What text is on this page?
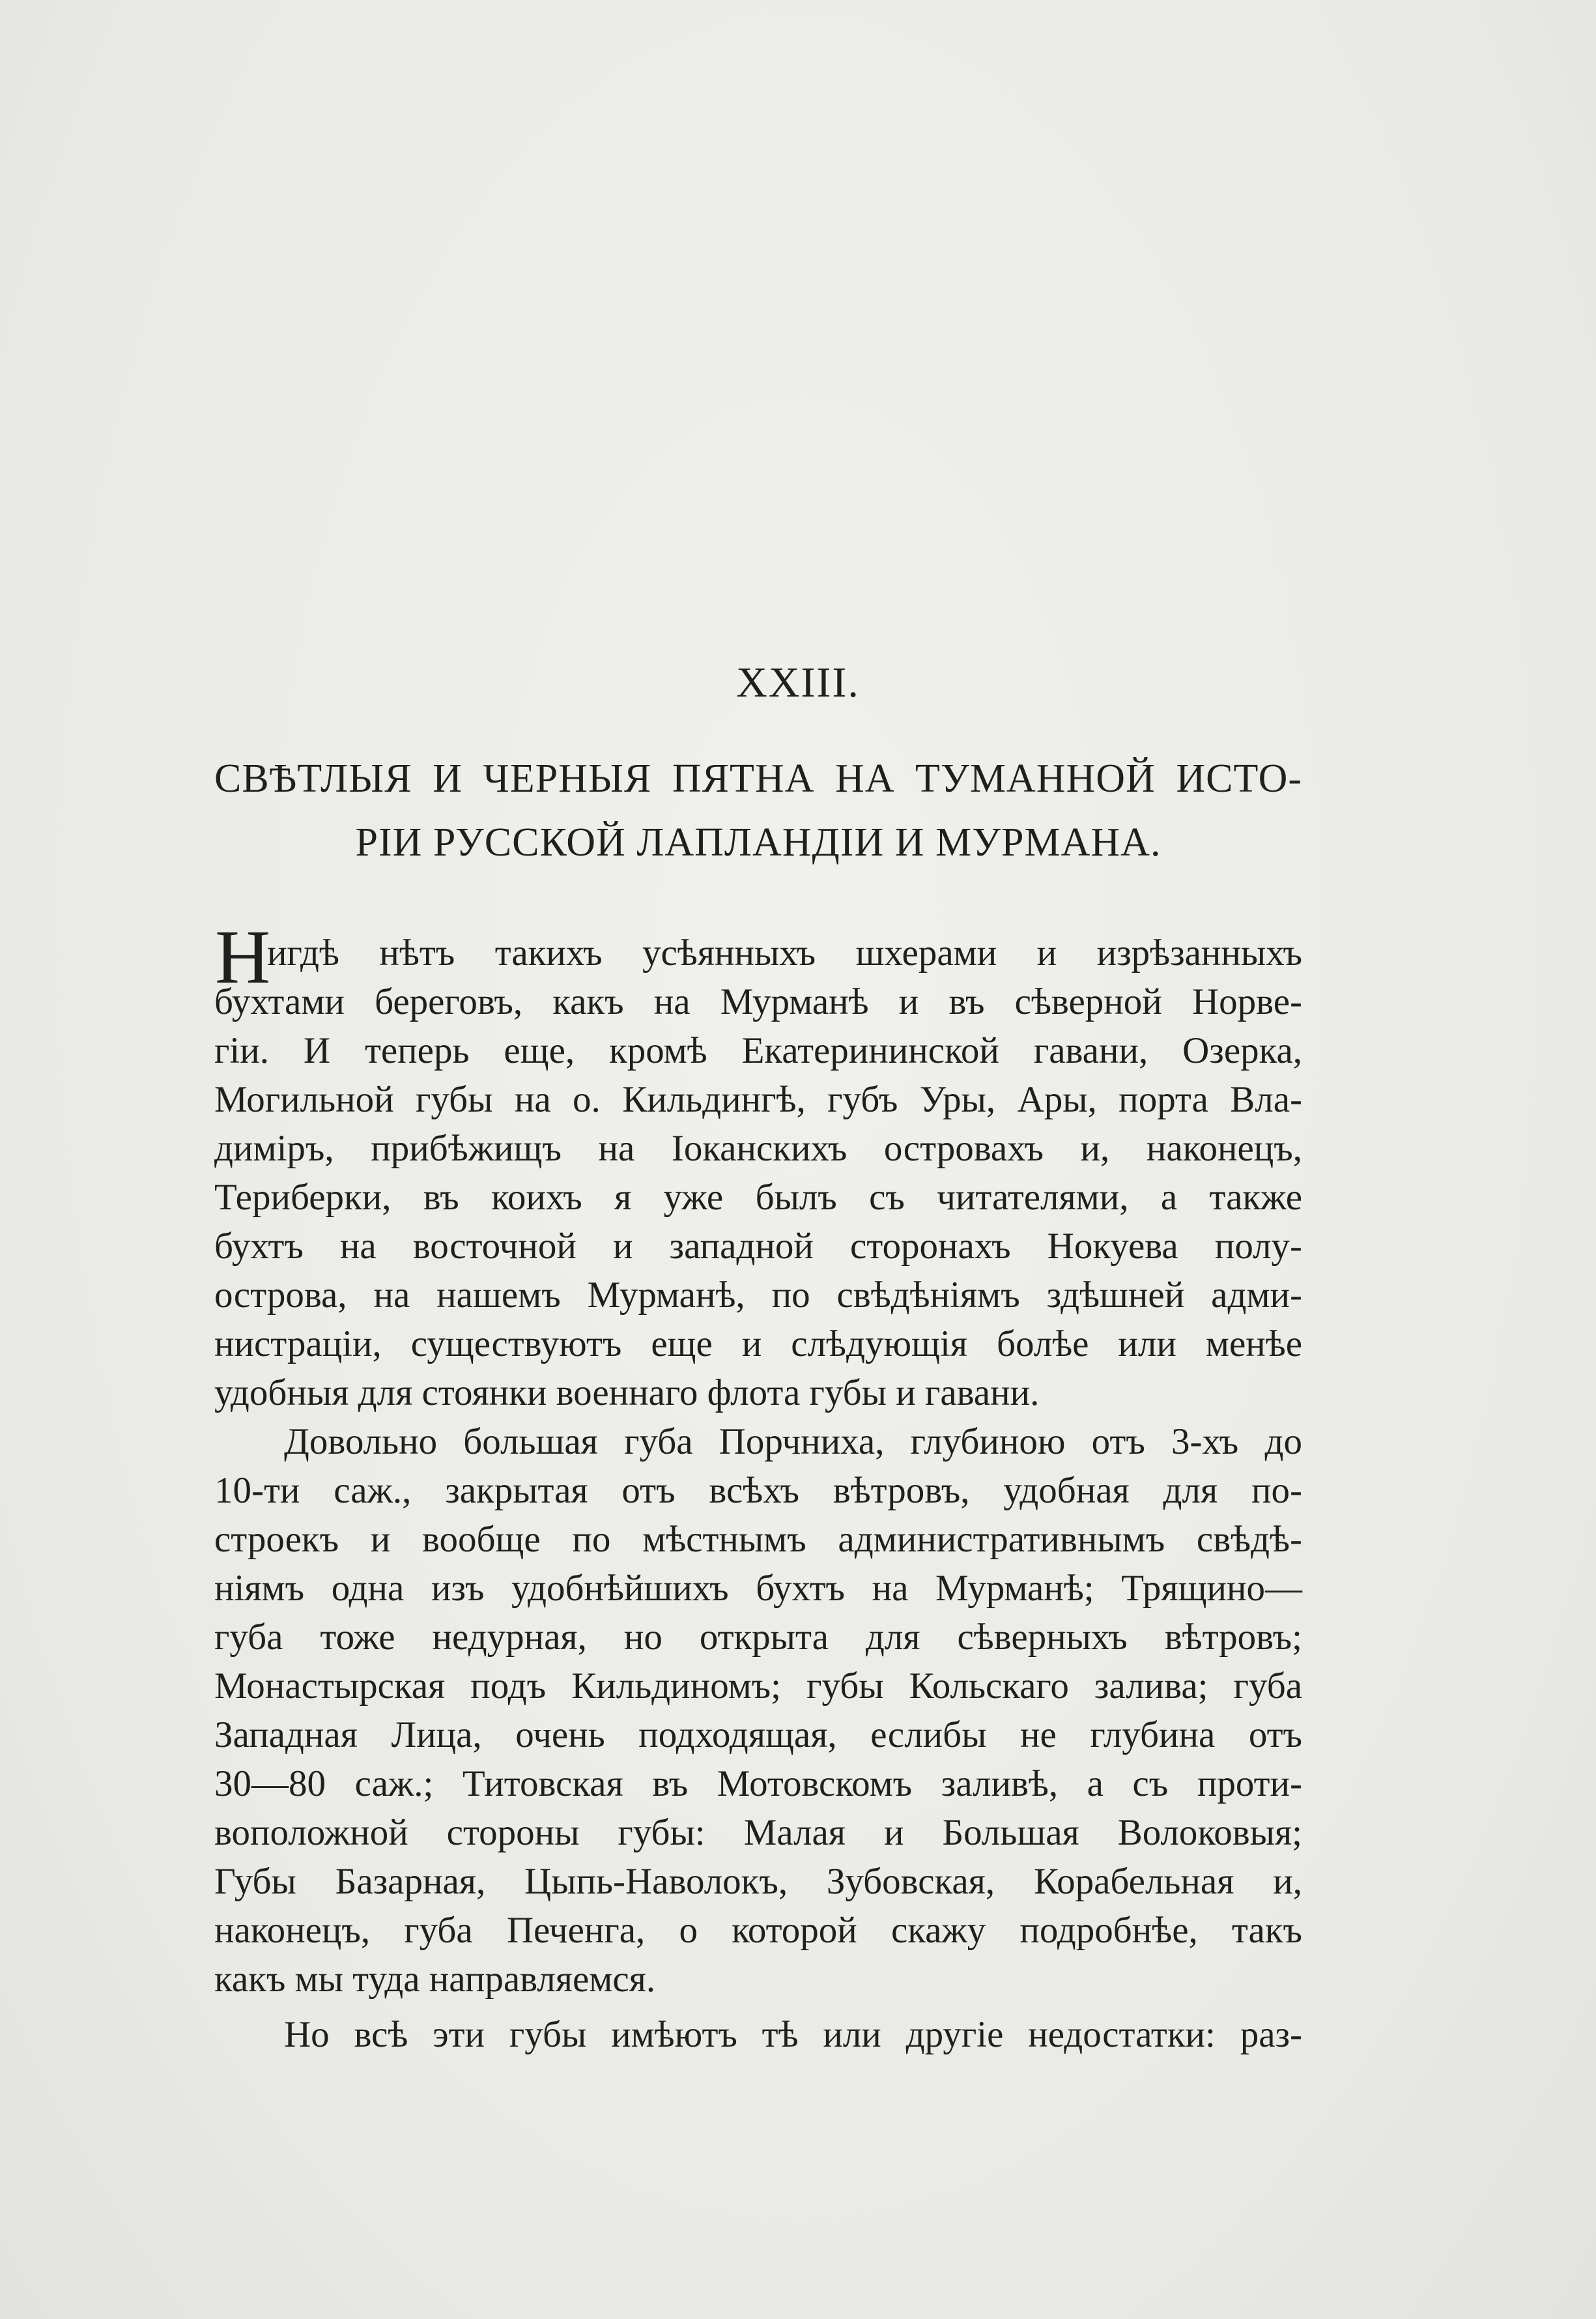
XXIII.
СВѢТЛЫЯ И ЧЕРНЫЯ ПЯТНА НА ТУМАННОЙ ИСТО-
РІИ РУССКОЙ ЛАПЛАНДІИ И МУРМАНА.
Н
игдѣ нѣтъ такихъ усѣянныхъ шхерами и изрѣзанныхъ
бухтами береговъ, какъ на Мурманѣ и въ сѣверной Норве-
гіи. И теперь еще, кромѣ Екатерининской гавани, Озерка,
Могильной губы на о. Кильдингѣ, губъ Уры, Ары, порта Вла-
диміръ, прибѣжищъ на Іоканскихъ островахъ и, наконецъ,
Териберки, въ коихъ я уже былъ съ читателями, а также
бухтъ на восточной и западной сторонахъ Нокуева полу-
острова, на нашемъ Мурманѣ, по свѣдѣніямъ здѣшней адми-
нистраціи, существуютъ еще и слѣдующія болѣе или менѣе
удобныя для стоянки военнаго флота губы и гавани.
Довольно большая губа Порчниха, глубиною отъ 3-хъ до
10-ти саж., закрытая отъ всѣхъ вѣтровъ, удобная для по-
строекъ и вообще по мѣстнымъ административнымъ свѣдѣ-
ніямъ одна изъ удобнѣйшихъ бухтъ на Мурманѣ; Трящино—
губа тоже недурная, но открыта для сѣверныхъ вѣтровъ;
Монастырская подъ Кильдиномъ; губы Кольскаго залива; губа
Западная Лица, очень подходящая, еслибы не глубина отъ
30—80 саж.; Титовская въ Мотовскомъ заливѣ, а съ проти-
воположной стороны губы: Малая и Большая Волоковыя;
Губы Базарная, Цыпь-Наволокъ, Зубовская, Корабельная и,
наконецъ, губа Печенга, о которой скажу подробнѣе, такъ
какъ мы туда направляемся.
Но всѣ эти губы имѣютъ тѣ или другіе недостатки: раз-
